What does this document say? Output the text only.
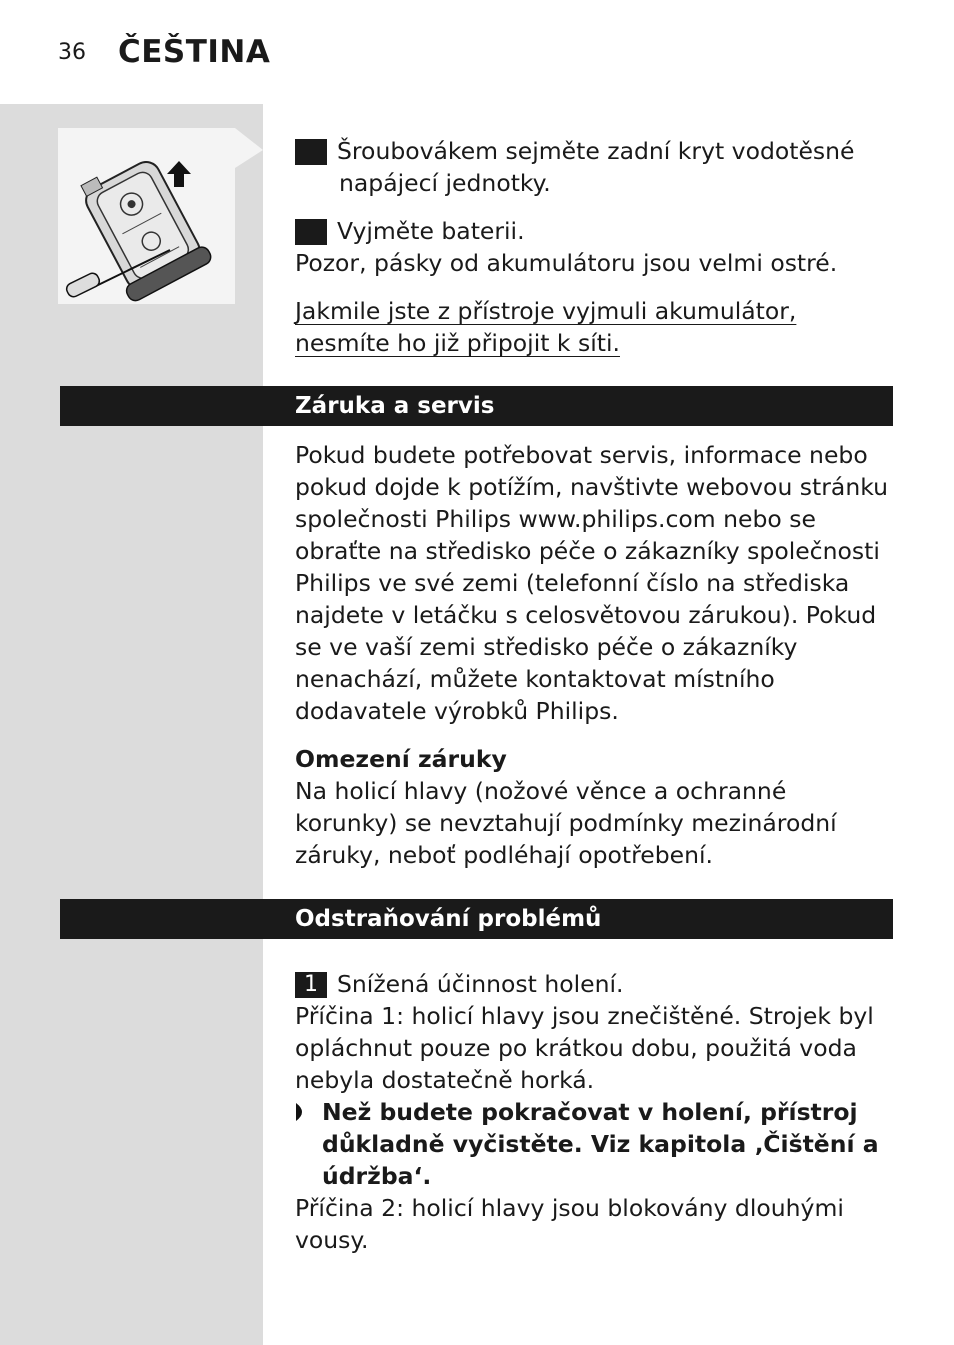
36 ČEŠTINA

6 Šroubovákem sejměte zadní kryt vodotěsné napájecí jednotky.

7 Vyjměte baterii.

Pozor, pásky od akumulátoru jsou velmi ostré.

Jakmile jste z přístroje vyjmuli akumulátor, nesmíte ho již připojit k síti.

Záruka a servis

Pokud budete potřebovat servis, informace nebo pokud dojde k potížím, navštivte webovou stránku společnosti Philips www.philips.com nebo se obraťte na středisko péče o zákazníky společnosti Philips ve své zemi (telefonní číslo na střediska najdete v letáčku s celosvětovou zárukou). Pokud se ve vaší zemi středisko péče o zákazníky nenachází, můžete kontaktovat místního dodavatele výrobků Philips.

Omezení záruky

Na holicí hlavy (nožové věnce a ochranné korunky) se nevztahují podmínky mezinárodní záruky, neboť podléhají opotřebení.

Odstraňování problémů

1 Snížená účinnost holení.

Příčina 1: holicí hlavy jsou znečištěné. Strojek byl opláchnut pouze po krátkou dobu, použitá voda nebyla dostatečně horká.

Než budete pokračovat v holení, přístroj důkladně vyčistěte. Viz kapitola ‚Čištění a údržba‘.

Příčina 2: holicí hlavy jsou blokovány dlouhými vousy.
